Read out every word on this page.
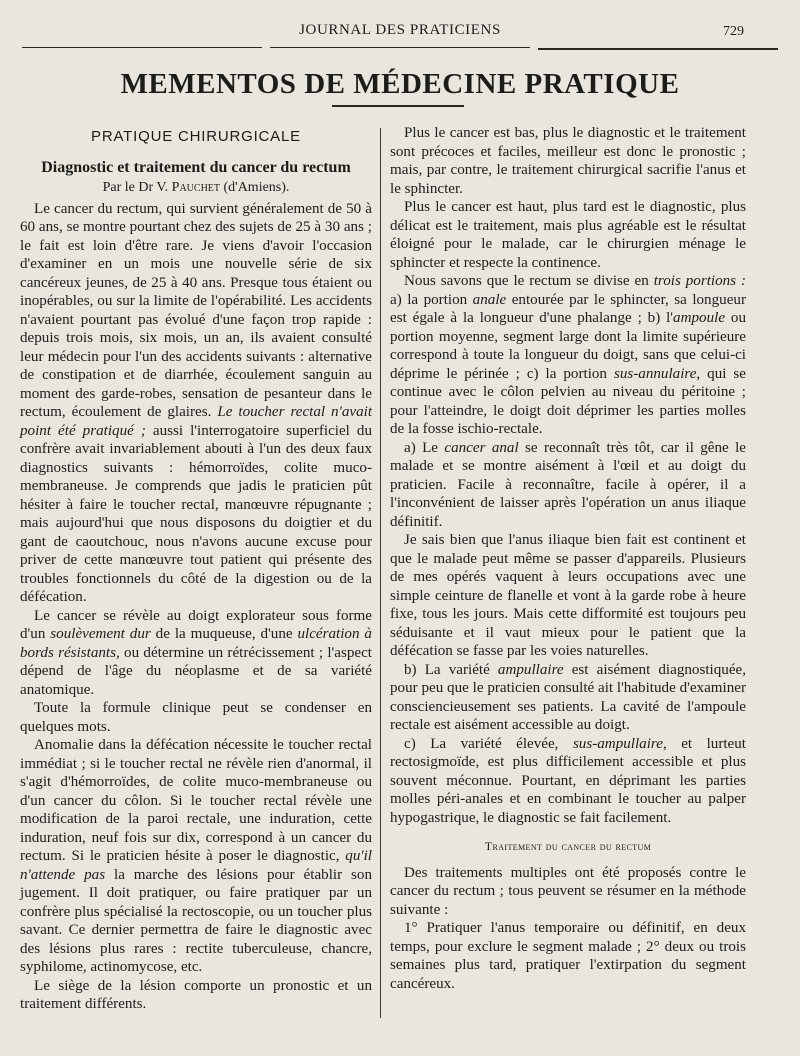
JOURNAL DES PRATICIENS	729
MEMENTOS DE MÉDECINE PRATIQUE
PRATIQUE CHIRURGICALE
Diagnostic et traitement du cancer du rectum
Par le Dr V. Pauchet (d'Amiens).

Le cancer du rectum, qui survient généralement de 50 à 60 ans, se montre pourtant chez des sujets de 25 à 30 ans ; le fait est loin d'être rare. Je viens d'avoir l'occasion d'examiner en un mois une nouvelle série de six cancéreux jeunes, de 25 à 40 ans. Presque tous étaient ou inopérables, ou sur la limite de l'opérabilité. Les accidents n'avaient pourtant pas évolué d'une façon trop rapide : depuis trois mois, six mois, un an, ils avaient consulté leur médecin pour l'un des accidents suivants : alternative de constipation et de diarrhée, écoulement sanguin au moment des garde-robes, sensation de pesanteur dans le rectum, écoulement de glaires. Le toucher rectal n'avait point été pratiqué ; aussi l'interrogatoire superficiel du confrère avait invariablement abouti à l'un des deux faux diagnostics suivants : hémorroïdes, colite muco-membraneuse. Je comprends que jadis le praticien pût hésiter à faire le toucher rectal, manœuvre répugnante ; mais aujourd'hui que nous disposons du doigtier et du gant de caoutchouc, nous n'avons aucune excuse pour priver de cette manœuvre tout patient qui présente des troubles fonctionnels du côté de la digestion ou de la défécation.

Le cancer se révèle au doigt explorateur sous forme d'un soulèvement dur de la muqueuse, d'une ulcération à bords résistants, ou détermine un rétrécissement ; l'aspect dépend de l'âge du néoplasme et de sa variété anatomique.

Toute la formule clinique peut se condenser en quelques mots.

Anomalie dans la défécation nécessite le toucher rectal immédiat ; si le toucher rectal ne révèle rien d'anormal, il s'agit d'hémorroïdes, de colite muco-membraneuse ou d'un cancer du côlon. Si le toucher rectal révèle une modification de la paroi rectale, une induration, cette induration, neuf fois sur dix, correspond à un cancer du rectum. Si le praticien hésite à poser le diagnostic, qu'il n'attende pas la marche des lésions pour établir son jugement. Il doit pratiquer, ou faire pratiquer par un confrère plus spécialisé la rectoscopie, ou un toucher plus savant. Ce dernier permettra de faire le diagnostic avec des lésions plus rares : rectite tuberculeuse, chancre, syphilome, actinomycose, etc.

Le siège de la lésion comporte un pronostic et un traitement différents.

Plus le cancer est bas, plus le diagnostic et le traitement sont précoces et faciles, meilleur est donc le pronostic ; mais, par contre, le traitement chirurgical sacrifie l'anus et le sphincter.

Plus le cancer est haut, plus tard est le diagnostic, plus délicat est le traitement, mais plus agréable est le résultat éloigné pour le malade, car le chirurgien ménage le sphincter et respecte la continence.

Nous savons que le rectum se divise en trois portions : a) la portion anale entourée par le sphincter, sa longueur est égale à la longueur d'une phalange ; b) l'ampoule ou portion moyenne, segment large dont la limite supérieure correspond à toute la longueur du doigt, sans que celui-ci déprime le périnée ; c) la portion sus-annulaire, qui se continue avec le côlon pelvien au niveau du péritoine ; pour l'atteindre, le doigt doit déprimer les parties molles de la fosse ischio-rectale.

a) Le cancer anal se reconnaît très tôt, car il gêne le malade et se montre aisément à l'œil et au doigt du praticien. Facile à reconnaître, facile à opérer, il a l'inconvénient de laisser après l'opération un anus iliaque définitif.

Je sais bien que l'anus iliaque bien fait est continent et que le malade peut même se passer d'appareils. Plusieurs de mes opérés vaquent à leurs occupations avec une simple ceinture de flanelle et vont à la garde robe à heure fixe, tous les jours. Mais cette difformité est toujours peu séduisante et il vaut mieux pour le patient que la défécation se fasse par les voies naturelles.

b) La variété ampullaire est aisément diagnostiquée, pour peu que le praticien consulté ait l'habitude d'examiner consciencieusement ses patients. La cavité de l'ampoule rectale est aisément accessible au doigt.

c) La variété élevée, sus-ampullaire, et lurteut rectosigmoïde, est plus difficilement accessible et plus souvent méconnue. Pourtant, en déprimant les parties molles péri-anales et en combinant le toucher au palper hypogastrique, le diagnostic se fait facilement.

Traitement du cancer du rectum

Des traitements multiples ont été proposés contre le cancer du rectum ; tous peuvent se résumer en la méthode suivante :

1° Pratiquer l'anus temporaire ou définitif, en deux temps, pour exclure le segment malade ; 2° deux ou trois semaines plus tard, pratiquer l'extirpation du segment cancéreux.
